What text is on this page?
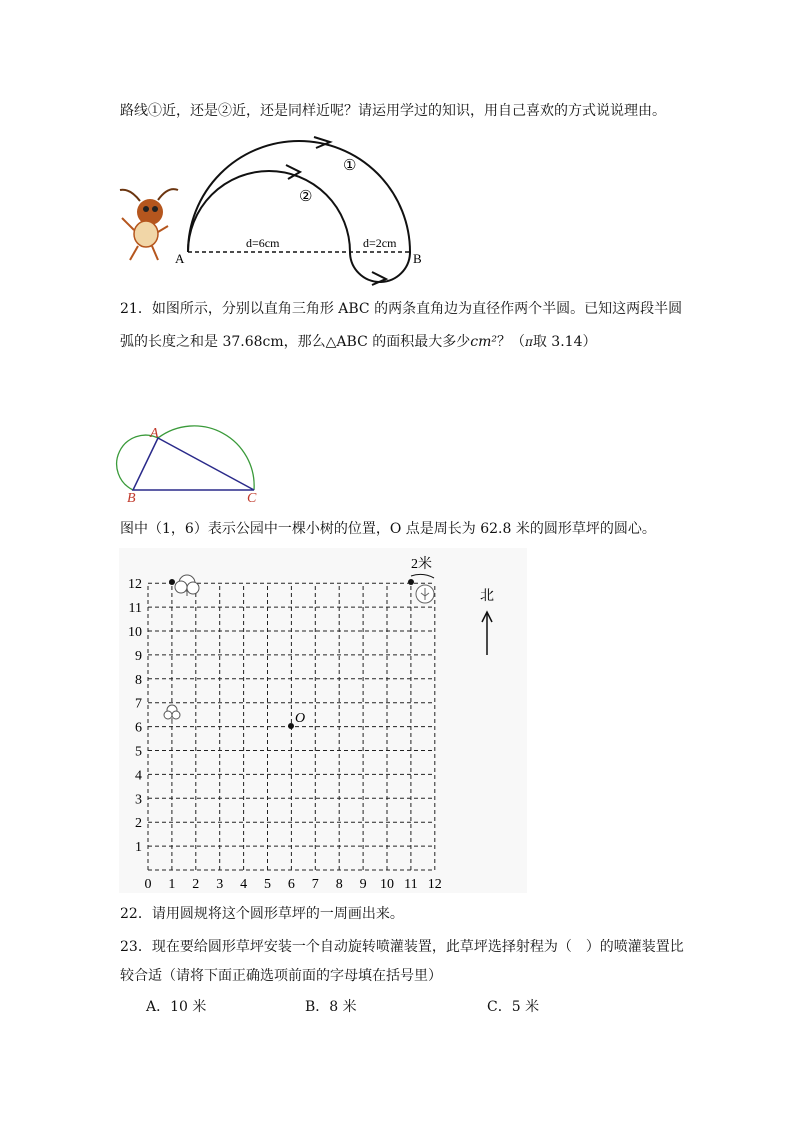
路线①近，还是②近，还是同样近呢？请运用学过的知识，用自己喜欢的方式说说理由。
A	B
①
②
d=6cm	d=2cm
21．如图所示，分别以直角三角形 ABC 的两条直角边为直径作两个半圆。已知这两段半圆
弧的长度之和是 37.68cm，那么△ABC 的面积最大多少cm²？（π取 3.14）
A
B	C
图中（1，6）表示公园中一棵小树的位置，O 点是周长为 62.8 米的圆形草坪的圆心。
0 1 2 3 4 5 6 7 8 9 10 11 12
1
2
3
4
5
6
7
8
9
10
11
12
2米
O
北
22．请用圆规将这个圆形草坪的一周画出来。
23．现在要给圆形草坪安装一个自动旋转喷灌装置，此草坪选择射程为（　）的喷灌装置比
较合适（请将下面正确选项前面的字母填在括号里）
A．10 米	B．8 米	C．5 米
